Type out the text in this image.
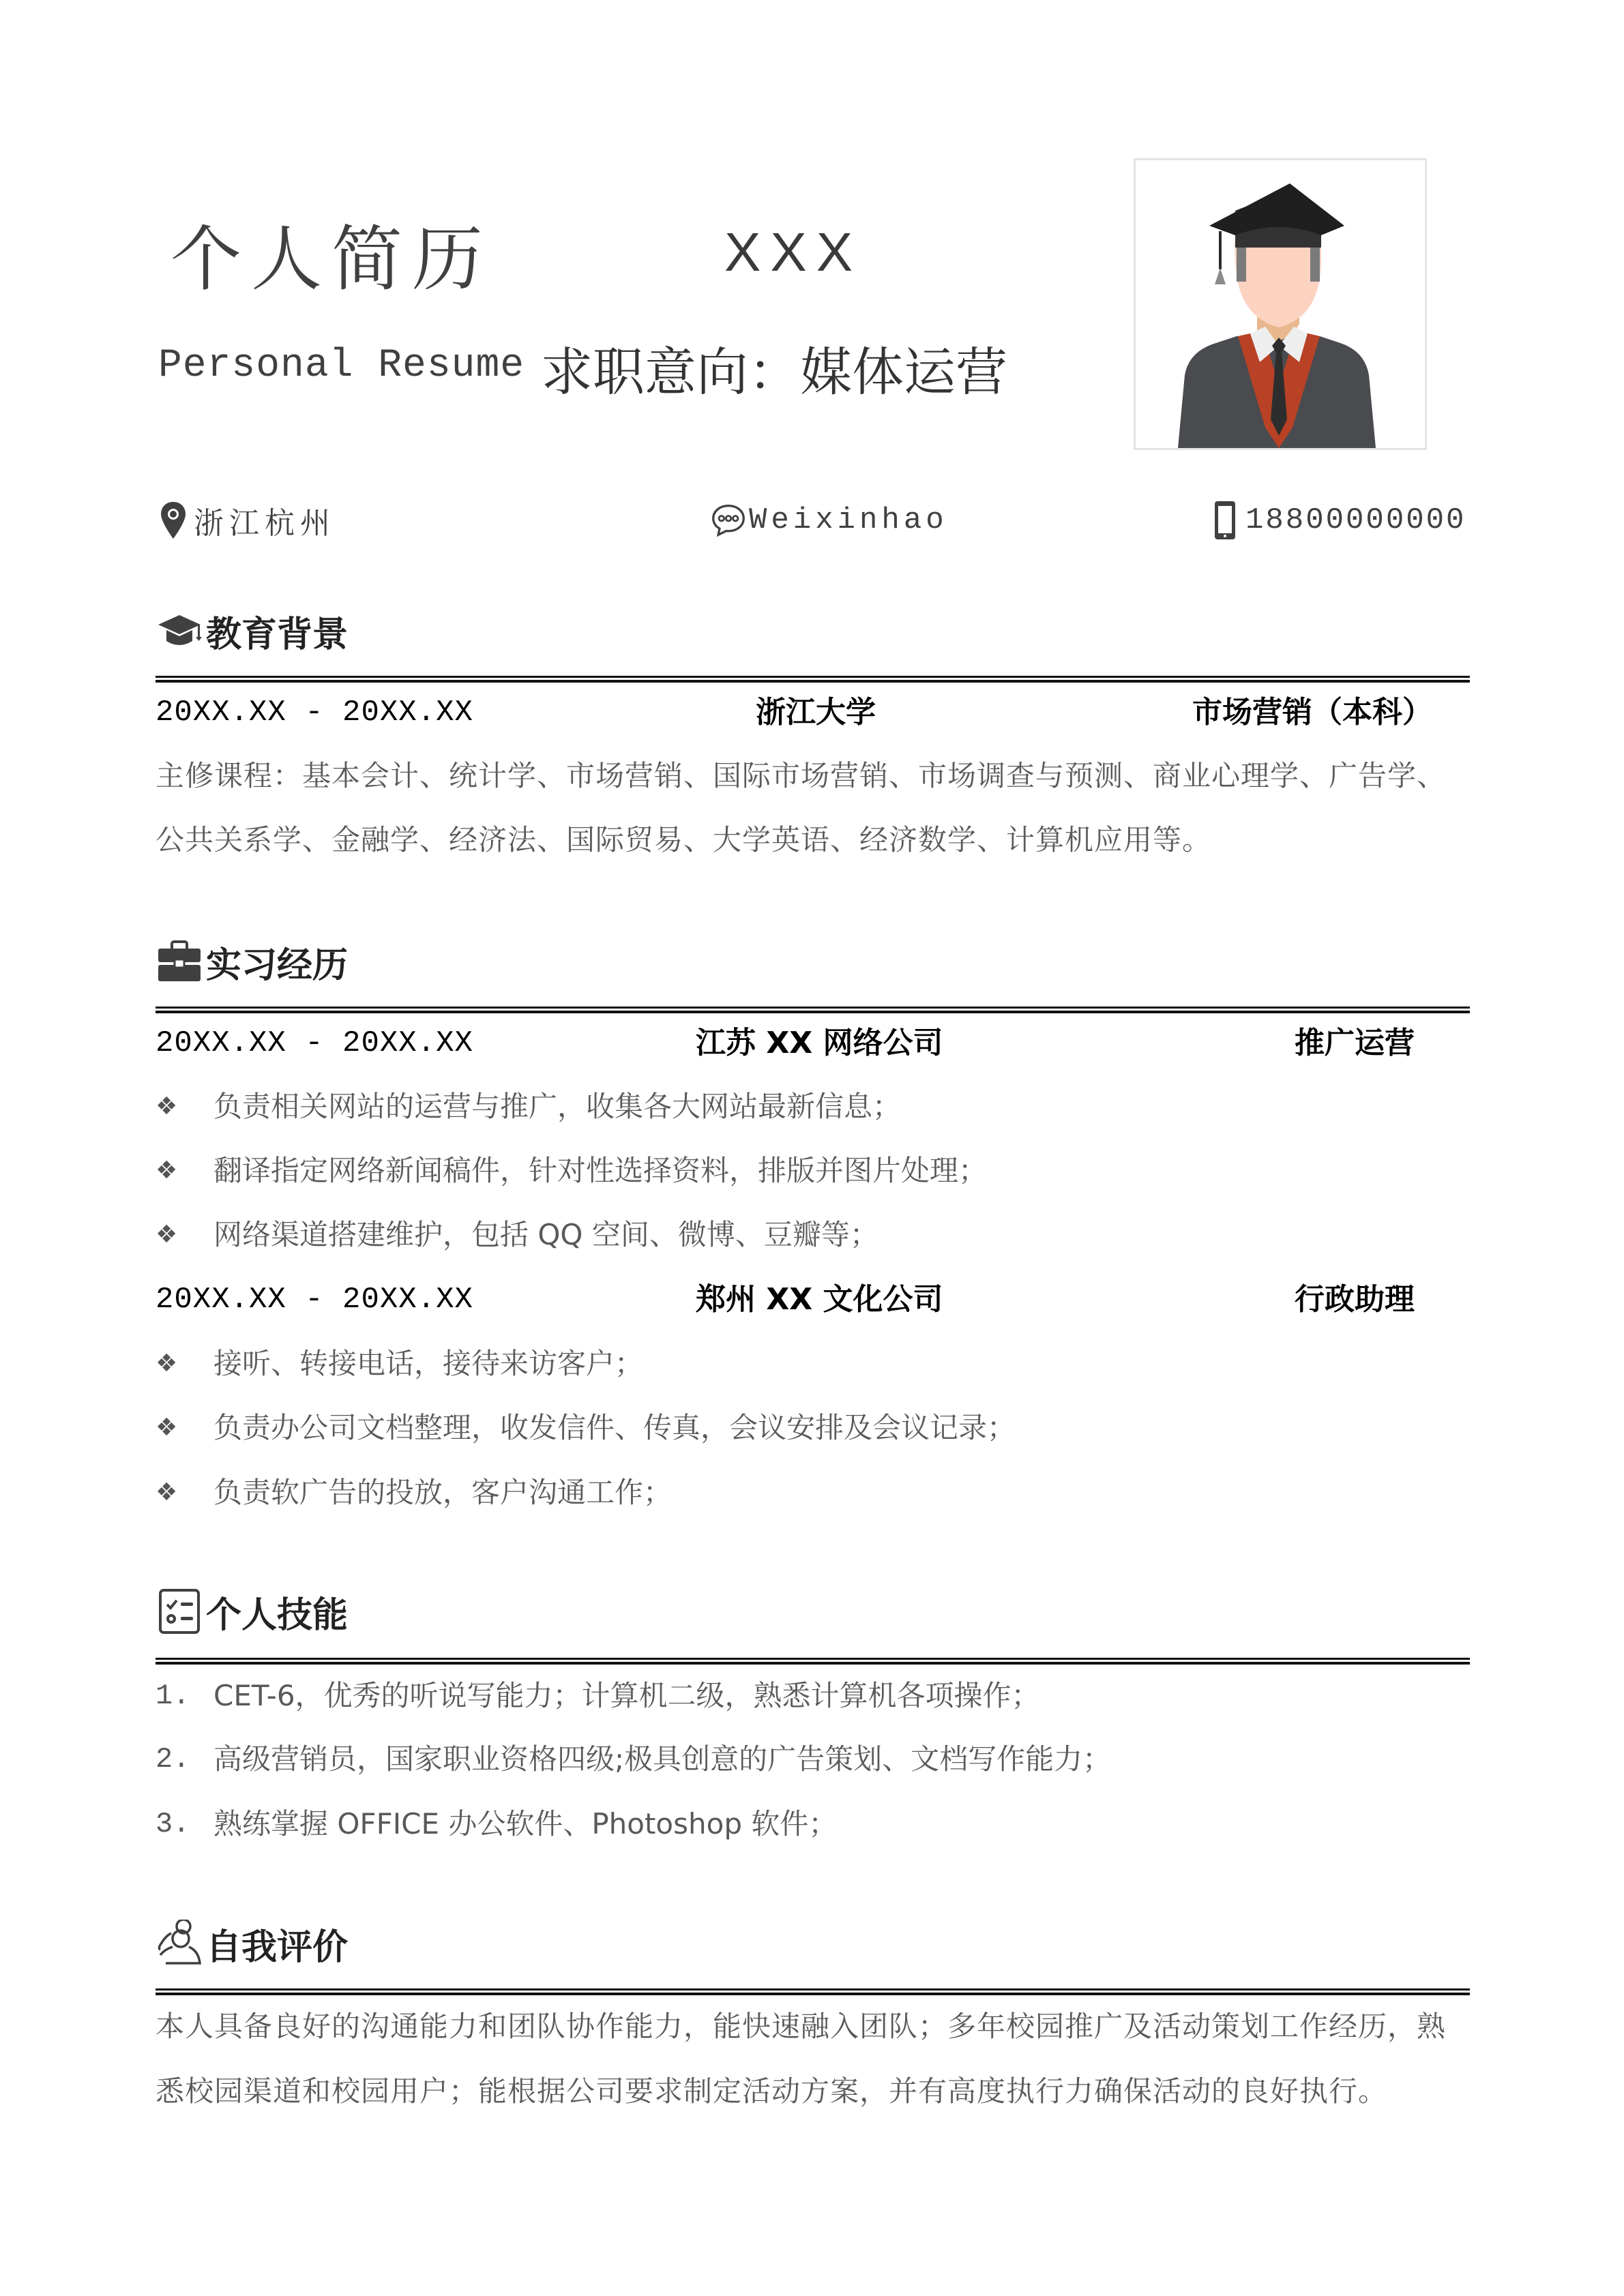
个人简历	XXX
Personal Resume 求职意向：媒体运营
浙江杭州	Weixinhao	18800000000
教育背景
20XX.XX - 20XX.XX	浙江大学	市场营销（本科）
主修课程：基本会计、统计学、市场营销、国际市场营销、市场调查与预测、商业心理学、广告学、
公共关系学、金融学、经济法、国际贸易、大学英语、经济数学、计算机应用等。
实习经历
20XX.XX - 20XX.XX	江苏 XX 网络公司	推广运营
❖	负责相关网站的运营与推广，收集各大网站最新信息；
❖	翻译指定网络新闻稿件，针对性选择资料，排版并图片处理；
❖	网络渠道搭建维护，包括 QQ 空间、微博、豆瓣等；
20XX.XX - 20XX.XX	郑州 XX 文化公司	行政助理
❖	接听、转接电话，接待来访客户；
❖	负责办公司文档整理，收发信件、传真，会议安排及会议记录；
❖	负责软广告的投放，客户沟通工作；
个人技能
1. CET-6，优秀的听说写能力；计算机二级，熟悉计算机各项操作；
2. 高级营销员，国家职业资格四级;极具创意的广告策划、文档写作能力；
3. 熟练掌握 OFFICE 办公软件、Photoshop 软件；
自我评价
本人具备良好的沟通能力和团队协作能力，能快速融入团队；多年校园推广及活动策划工作经历，熟
悉校园渠道和校园用户；能根据公司要求制定活动方案，并有高度执行力确保活动的良好执行。
